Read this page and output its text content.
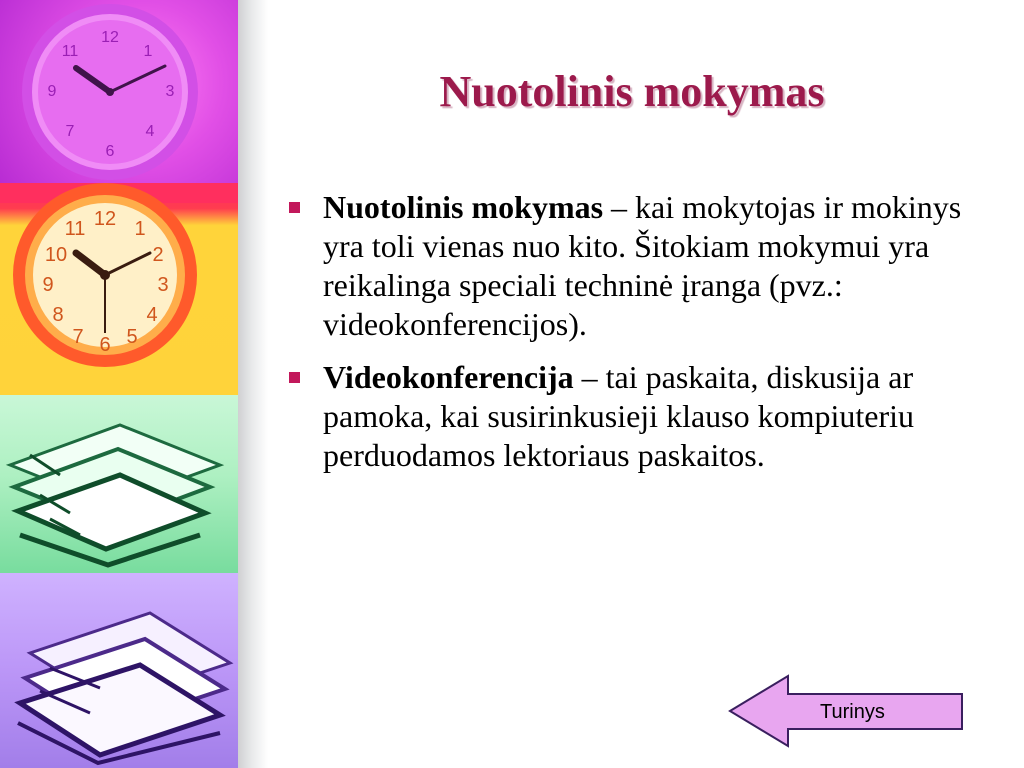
12
1
3
4
6
7
9
11
12 1
2
3
4
5
6
7
8
9
10
11
Nuotolinis mokymas
Nuotolinis mokymas – kai mokytojas ir mokinys yra toli vienas nuo kito. Šitokiam mokymui yra reikalinga speciali techninė įranga (pvz.: videokonferencijos).
Videokonferencija – tai paskaita, diskusija ar pamoka, kai susirinkusieji klauso kompiuteriu perduodamos lektoriaus paskaitos.
Turinys
